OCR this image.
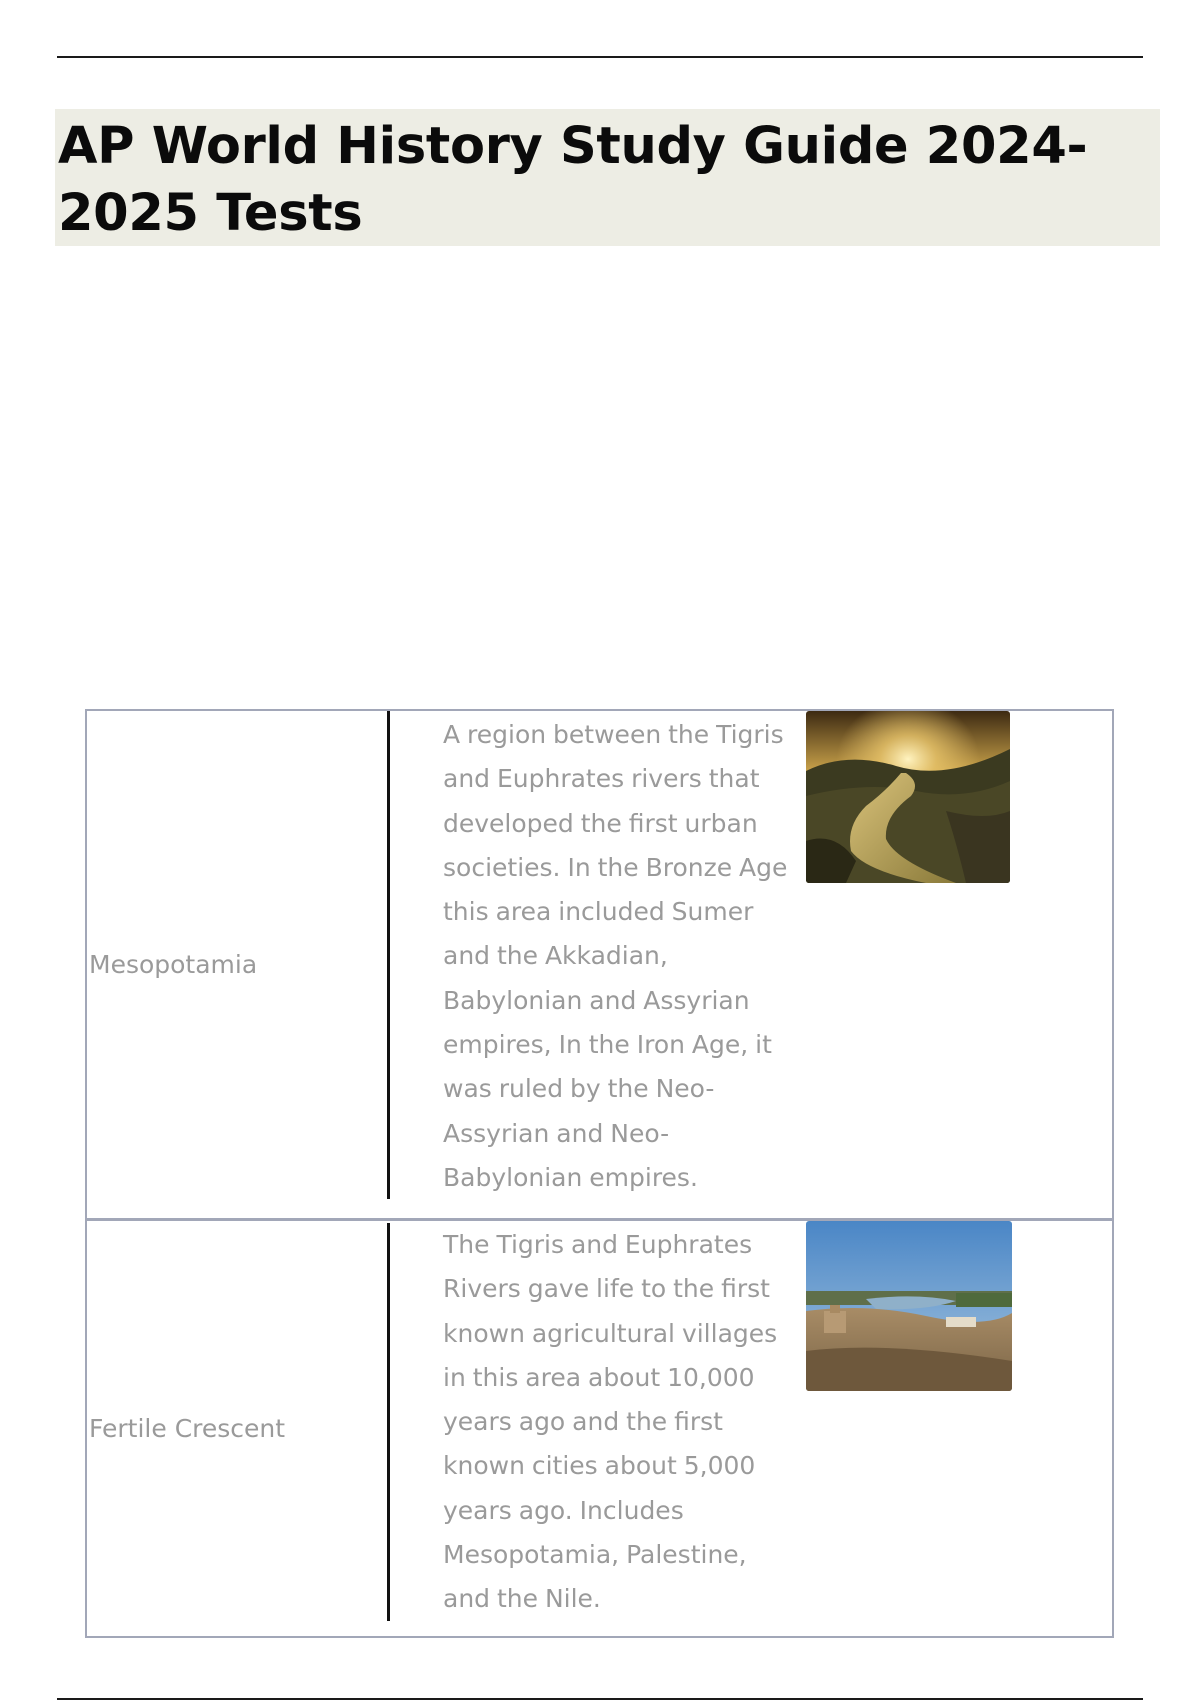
AP World History Study Guide 2024-2025 Tests
Mesopotamia

A region between the Tigris and Euphrates rivers that developed the first urban societies. In the Bronze Age this area included Sumer and the Akkadian, Babylonian and Assyrian empires, In the Iron Age, it was ruled by the Neo-Assyrian and Neo-Babylonian empires.

Fertile Crescent

The Tigris and Euphrates Rivers gave life to the first known agricultural villages in this area about 10,000 years ago and the first known cities about 5,000 years ago. Includes Mesopotamia, Palestine, and the Nile.
